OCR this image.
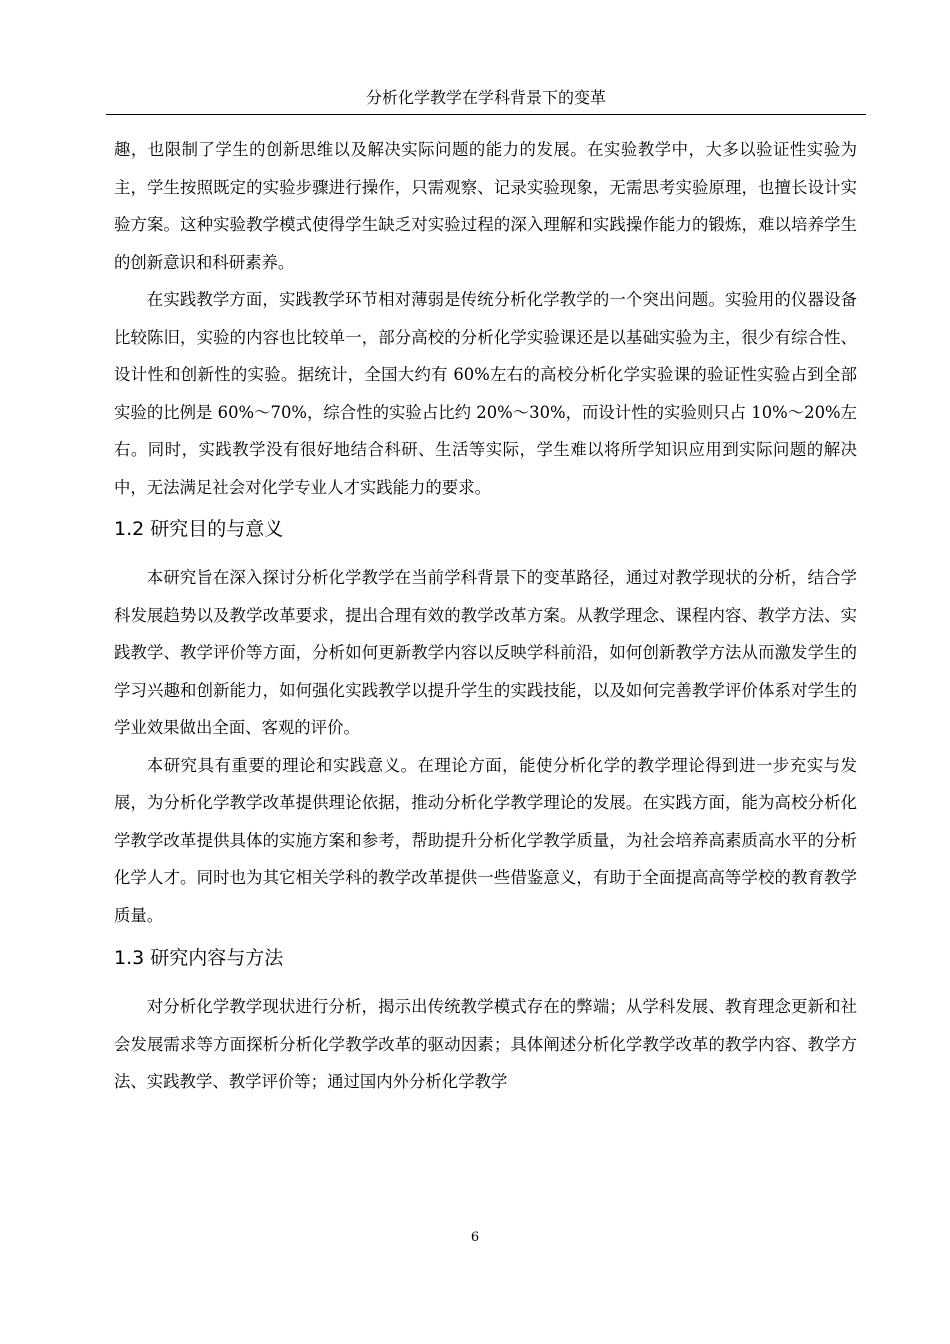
分析化学教学在学科背景下的变革

趣，也限制了学生的创新思维以及解决实际问题的能力的发展。在实验教学中，大多以验证性实验为主，学生按照既定的实验步骤进行操作，只需观察、记录实验现象，无需思考实验原理，也擅长设计实验方案。这种实验教学模式使得学生缺乏对实验过程的深入理解和实践操作能力的锻炼，难以培养学生的创新意识和科研素养。

在实践教学方面，实践教学环节相对薄弱是传统分析化学教学的一个突出问题。实验用的仪器设备比较陈旧，实验的内容也比较单一，部分高校的分析化学实验课还是以基础实验为主，很少有综合性、设计性和创新性的实验。据统计，全国大约有 60%左右的高校分析化学实验课的验证性实验占到全部实验的比例是 60%～70%，综合性的实验占比约 20%～30%，而设计性的实验则只占 10%～20%左右。同时，实践教学没有很好地结合科研、生活等实际，学生难以将所学知识应用到实际问题的解决中，无法满足社会对化学专业人才实践能力的要求。

1.2 研究目的与意义

本研究旨在深入探讨分析化学教学在当前学科背景下的变革路径，通过对教学现状的分析，结合学科发展趋势以及教学改革要求，提出合理有效的教学改革方案。从教学理念、课程内容、教学方法、实践教学、教学评价等方面，分析如何更新教学内容以反映学科前沿，如何创新教学方法从而激发学生的学习兴趣和创新能力，如何强化实践教学以提升学生的实践技能，以及如何完善教学评价体系对学生的学业效果做出全面、客观的评价。

本研究具有重要的理论和实践意义。在理论方面，能使分析化学的教学理论得到进一步充实与发展，为分析化学教学改革提供理论依据，推动分析化学教学理论的发展。在实践方面，能为高校分析化学教学改革提供具体的实施方案和参考，帮助提升分析化学教学质量，为社会培养高素质高水平的分析化学人才。同时也为其它相关学科的教学改革提供一些借鉴意义，有助于全面提高高等学校的教育教学质量。

1.3 研究内容与方法

对分析化学教学现状进行分析，揭示出传统教学模式存在的弊端；从学科发展、教育理念更新和社会发展需求等方面探析分析化学教学改革的驱动因素；具体阐述分析化学教学改革的教学内容、教学方法、实践教学、教学评价等；通过国内外分析化学教学

6
